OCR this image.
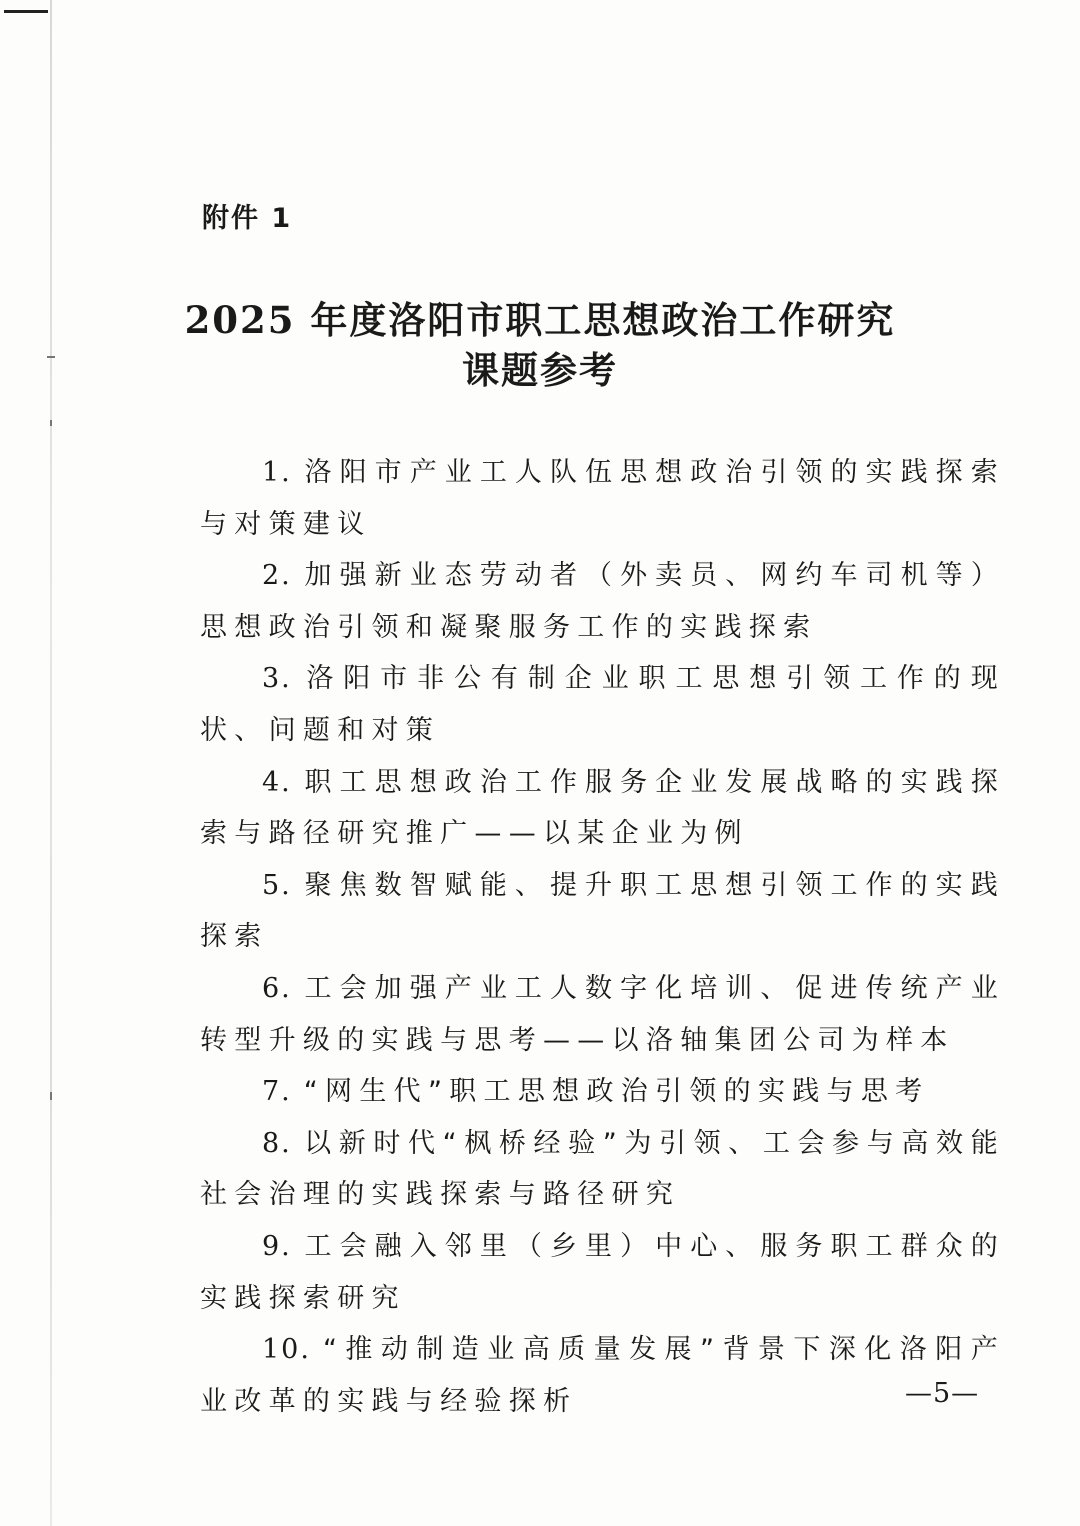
附件 1
2025 年度洛阳市职工思想政治工作研究
课题参考
1. 洛阳市产业工人队伍思想政治引领的实践探索与对策建议
2. 加强新业态劳动者（外卖员、网约车司机等）思想政治引领和凝聚服务工作的实践探索
3. 洛阳市非公有制企业职工思想引领工作的现状、问题和对策
4. 职工思想政治工作服务企业发展战略的实践探索与路径研究推广——以某企业为例
5. 聚焦数智赋能、提升职工思想引领工作的实践探索
6. 工会加强产业工人数字化培训、促进传统产业转型升级的实践与思考——以洛轴集团公司为样本
7. “网生代”职工思想政治引领的实践与思考
8. 以新时代“枫桥经验”为引领、工会参与高效能社会治理的实践探索与路径研究
9. 工会融入邻里（乡里）中心、服务职工群众的实践探索研究
10. “推动制造业高质量发展”背景下深化洛阳产业改革的实践与经验探析	—5—
